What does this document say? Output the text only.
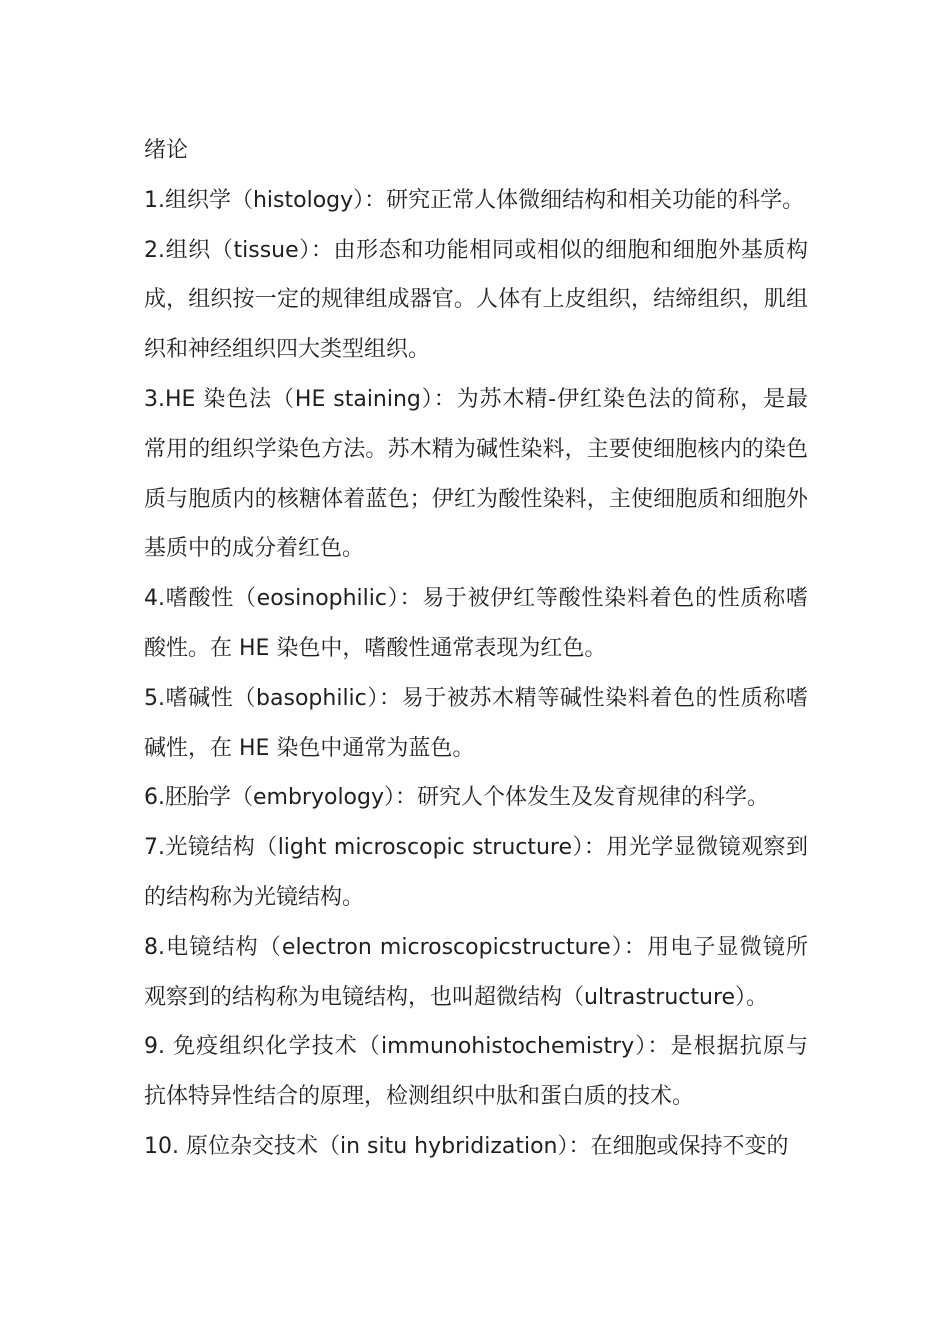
绪论

1.组织学（histology）：研究正常人体微细结构和相关功能的科学。

2.组织（tissue）：由形态和功能相同或相似的细胞和细胞外基质构成，组织按一定的规律组成器官。人体有上皮组织，结缔组织，肌组织和神经组织四大类型组织。

3.HE 染色法（HE staining）：为苏木精-伊红染色法的简称，是最常用的组织学染色方法。苏木精为碱性染料，主要使细胞核内的染色质与胞质内的核糖体着蓝色；伊红为酸性染料，主使细胞质和细胞外基质中的成分着红色。

4.嗜酸性（eosinophilic）：易于被伊红等酸性染料着色的性质称嗜酸性。在 HE 染色中，嗜酸性通常表现为红色。

5.嗜碱性（basophilic）：易于被苏木精等碱性染料着色的性质称嗜碱性，在 HE 染色中通常为蓝色。

6.胚胎学（embryology）：研究人个体发生及发育规律的科学。

7.光镜结构（light microscopic structure）：用光学显微镜观察到的结构称为光镜结构。

8.电镜结构（electron microscopicstructure）：用电子显微镜所观察到的结构称为电镜结构，也叫超微结构（ultrastructure）。

9. 免疫组织化学技术（immunohistochemistry）：是根据抗原与抗体特异性结合的原理，检测组织中肽和蛋白质的技术。

10. 原位杂交技术（in situ hybridization）：在细胞或保持不变的
